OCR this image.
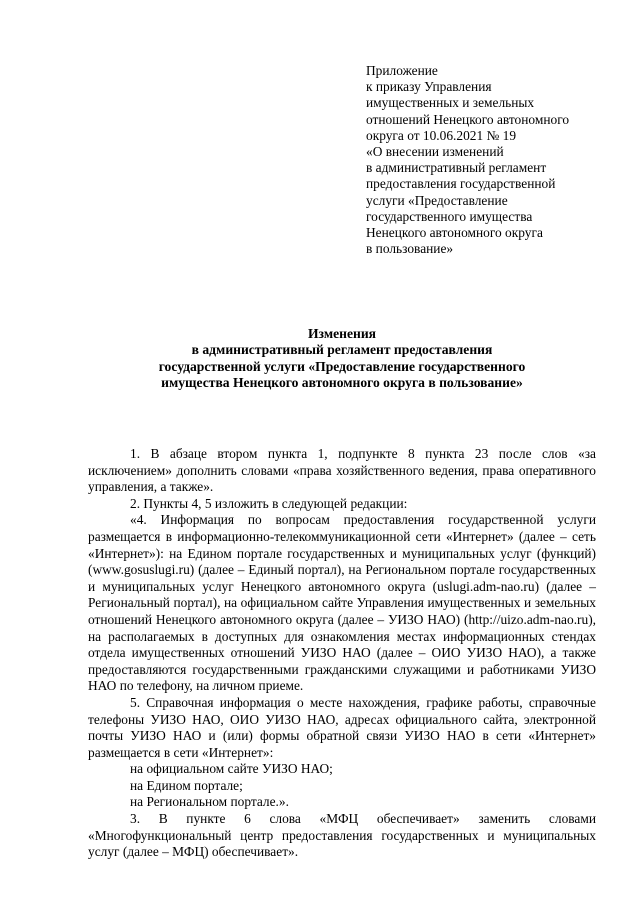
Приложение
к приказу Управления
имущественных и земельных
отношений Ненецкого автономного
округа от 10.06.2021 № 19
«О внесении изменений
в административный регламент
предоставления государственной
услуги «Предоставление
государственного имущества
Ненецкого автономного округа
в пользование»
Изменения
в административный регламент предоставления
государственной услуги «Предоставление государственного
имущества Ненецкого автономного округа в пользование»

1. В абзаце втором пункта 1, подпункте 8 пункта 23 после слов «за исключением» дополнить словами «права хозяйственного ведения, права оперативного управления, а также».

2. Пункты 4, 5 изложить в следующей редакции:

«4. Информация по вопросам предоставления государственной услуги размещается в информационно-телекоммуникационной сети «Интернет» (далее – сеть «Интернет»): на Едином портале государственных и муниципальных услуг (функций) (www.gosuslugi.ru) (далее – Единый портал), на Региональном портале государственных и муниципальных услуг Ненецкого автономного округа (uslugi.adm-nao.ru) (далее – Региональный портал), на официальном сайте Управления имущественных и земельных отношений Ненецкого автономного округа (далее – УИЗО НАО) (http://uizo.adm-nao.ru), на располагаемых в доступных для ознакомления местах информационных стендах отдела имущественных отношений УИЗО НАО (далее – ОИО УИЗО НАО), а также предоставляются государственными гражданскими служащими и работниками УИЗО НАО по телефону, на личном приеме.

5. Справочная информация о месте нахождения, графике работы, справочные телефоны УИЗО НАО, ОИО УИЗО НАО, адресах официального сайта, электронной почты УИЗО НАО и (или) формы обратной связи УИЗО НАО в сети «Интернет» размещается в сети «Интернет»:

на официальном сайте УИЗО НАО;

на Едином портале;

на Региональном портале.».

3. В пункте 6 слова «МФЦ обеспечивает» заменить словами «Многофункциональный центр предоставления государственных и муниципальных услуг (далее – МФЦ) обеспечивает».
